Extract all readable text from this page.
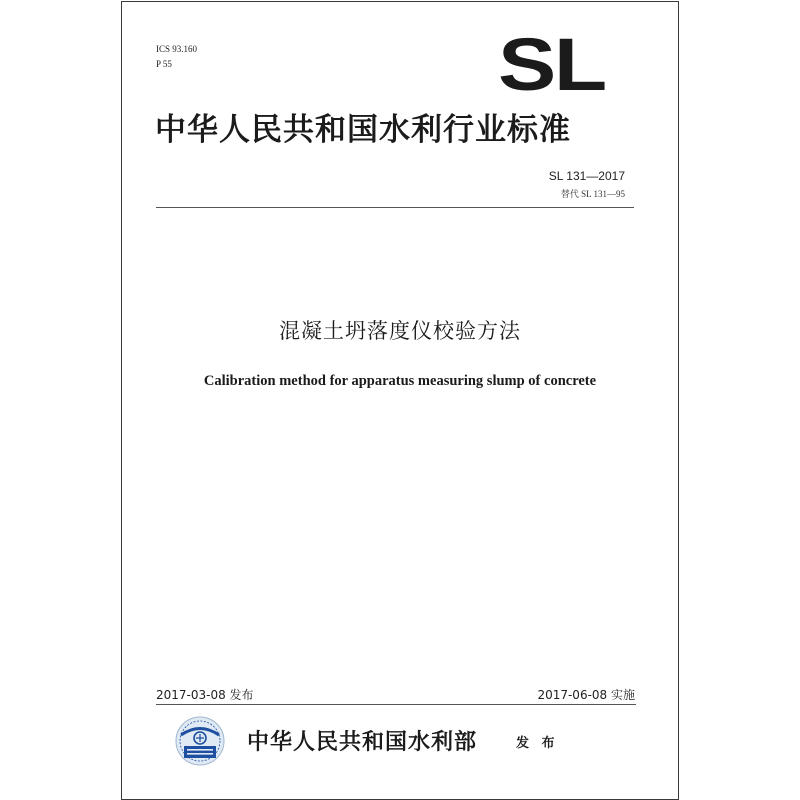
ICS 93.160
P 55	SL
中华人民共和国水利行业标准
SL 131—2017
替代 SL 131—95
混凝土坍落度仪校验方法
Calibration method for apparatus measuring slump of concrete
2017-03-08 发布	2017-06-08 实施
中华人民共和国水利部	发 布
